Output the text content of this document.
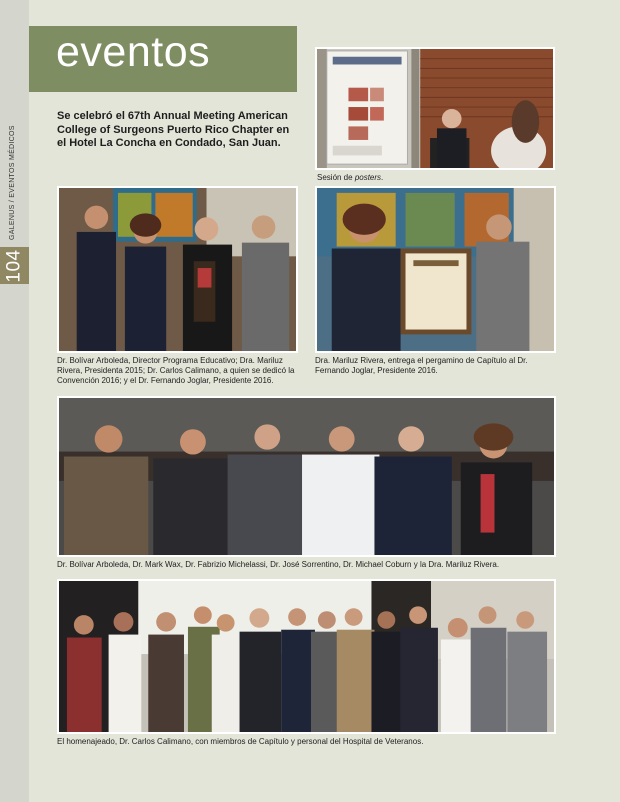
GALENUS / EVENTOS MÉDICOS
104
eventos
Se celebró el 67th Annual Meeting American College of Surgeons Puerto Rico Chapter en el Hotel La Concha en Condado, San Juan.
Sesión de posters.
Dr. Bolívar Arboleda, Director Programa Educativo; Dra. Mariluz Rivera, Presidenta 2015; Dr. Carlos Calimano, a quien se dedicó la Convención 2016; y el Dr. Fernando Joglar, Presidente 2016.
Dra. Mariluz Rivera, entrega el pergamino de Capítulo al Dr. Fernando Joglar, Presidente 2016.
Dr. Bolívar Arboleda, Dr. Mark Wax, Dr. Fabrizio Michelassi, Dr. José Sorrentino, Dr. Michael Coburn y la Dra. Mariluz Rivera.
El homenajeado, Dr. Carlos Calimano, con miembros de Capítulo y personal del Hospital de Veteranos.
